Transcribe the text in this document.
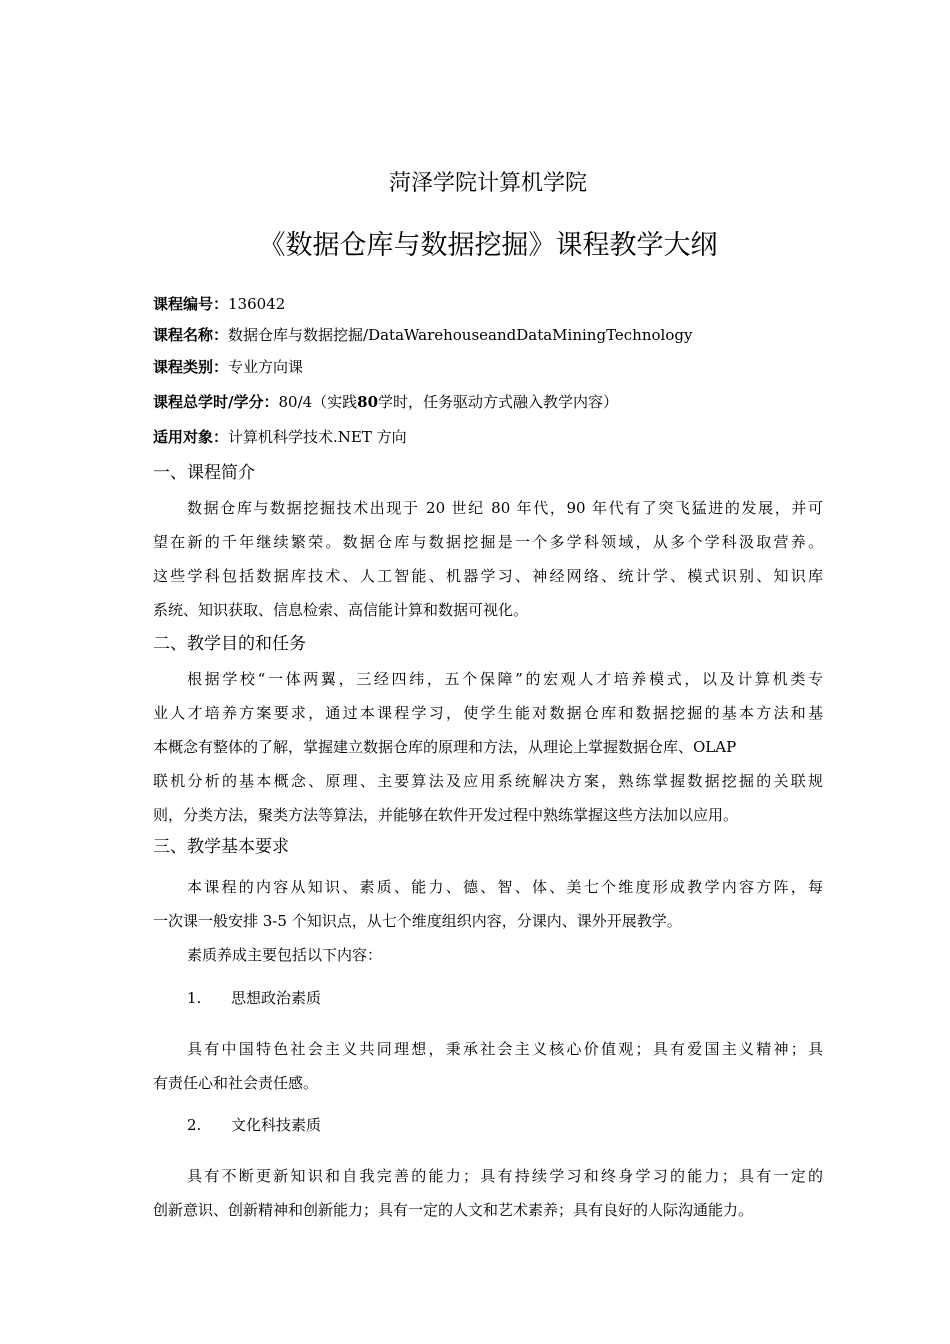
菏泽学院计算机学院
《数据仓库与数据挖掘》课程教学大纲
课程编号：136042
课程名称：数据仓库与数据挖掘/DataWarehouseandDataMiningTechnology
课程类别：专业方向课
课程总学时/学分：80/4（实践80学时，任务驱动方式融入教学内容）
适用对象：计算机科学技术.NET 方向
一、课程简介
数据仓库与数据挖掘技术出现于 20 世纪 80 年代，90 年代有了突飞猛进的发展，并可
望在新的千年继续繁荣。数据仓库与数据挖掘是一个多学科领域，从多个学科汲取营养。
这些学科包括数据库技术、人工智能、机器学习、神经网络、统计学、模式识别、知识库
系统、知识获取、信息检索、高信能计算和数据可视化。
二、教学目的和任务
根据学校“一体两翼，三经四纬，五个保障”的宏观人才培养模式，以及计算机类专
业人才培养方案要求，通过本课程学习，使学生能对数据仓库和数据挖掘的基本方法和基
本概念有整体的了解，掌握建立数据仓库的原理和方法，从理论上掌握数据仓库、OLAP
联机分析的基本概念、原理、主要算法及应用系统解决方案，熟练掌握数据挖掘的关联规
则，分类方法，聚类方法等算法，并能够在软件开发过程中熟练掌握这些方法加以应用。
三、教学基本要求
本课程的内容从知识、素质、能力、德、智、体、美七个维度形成教学内容方阵，每
一次课一般安排 3-5 个知识点，从七个维度组织内容，分课内、课外开展教学。
素质养成主要包括以下内容：
1. 思想政治素质
具有中国特色社会主义共同理想，秉承社会主义核心价值观；具有爱国主义精神；具
有责任心和社会责任感。
2. 文化科技素质
具有不断更新知识和自我完善的能力；具有持续学习和终身学习的能力；具有一定的
创新意识、创新精神和创新能力；具有一定的人文和艺术素养；具有良好的人际沟通能力。
